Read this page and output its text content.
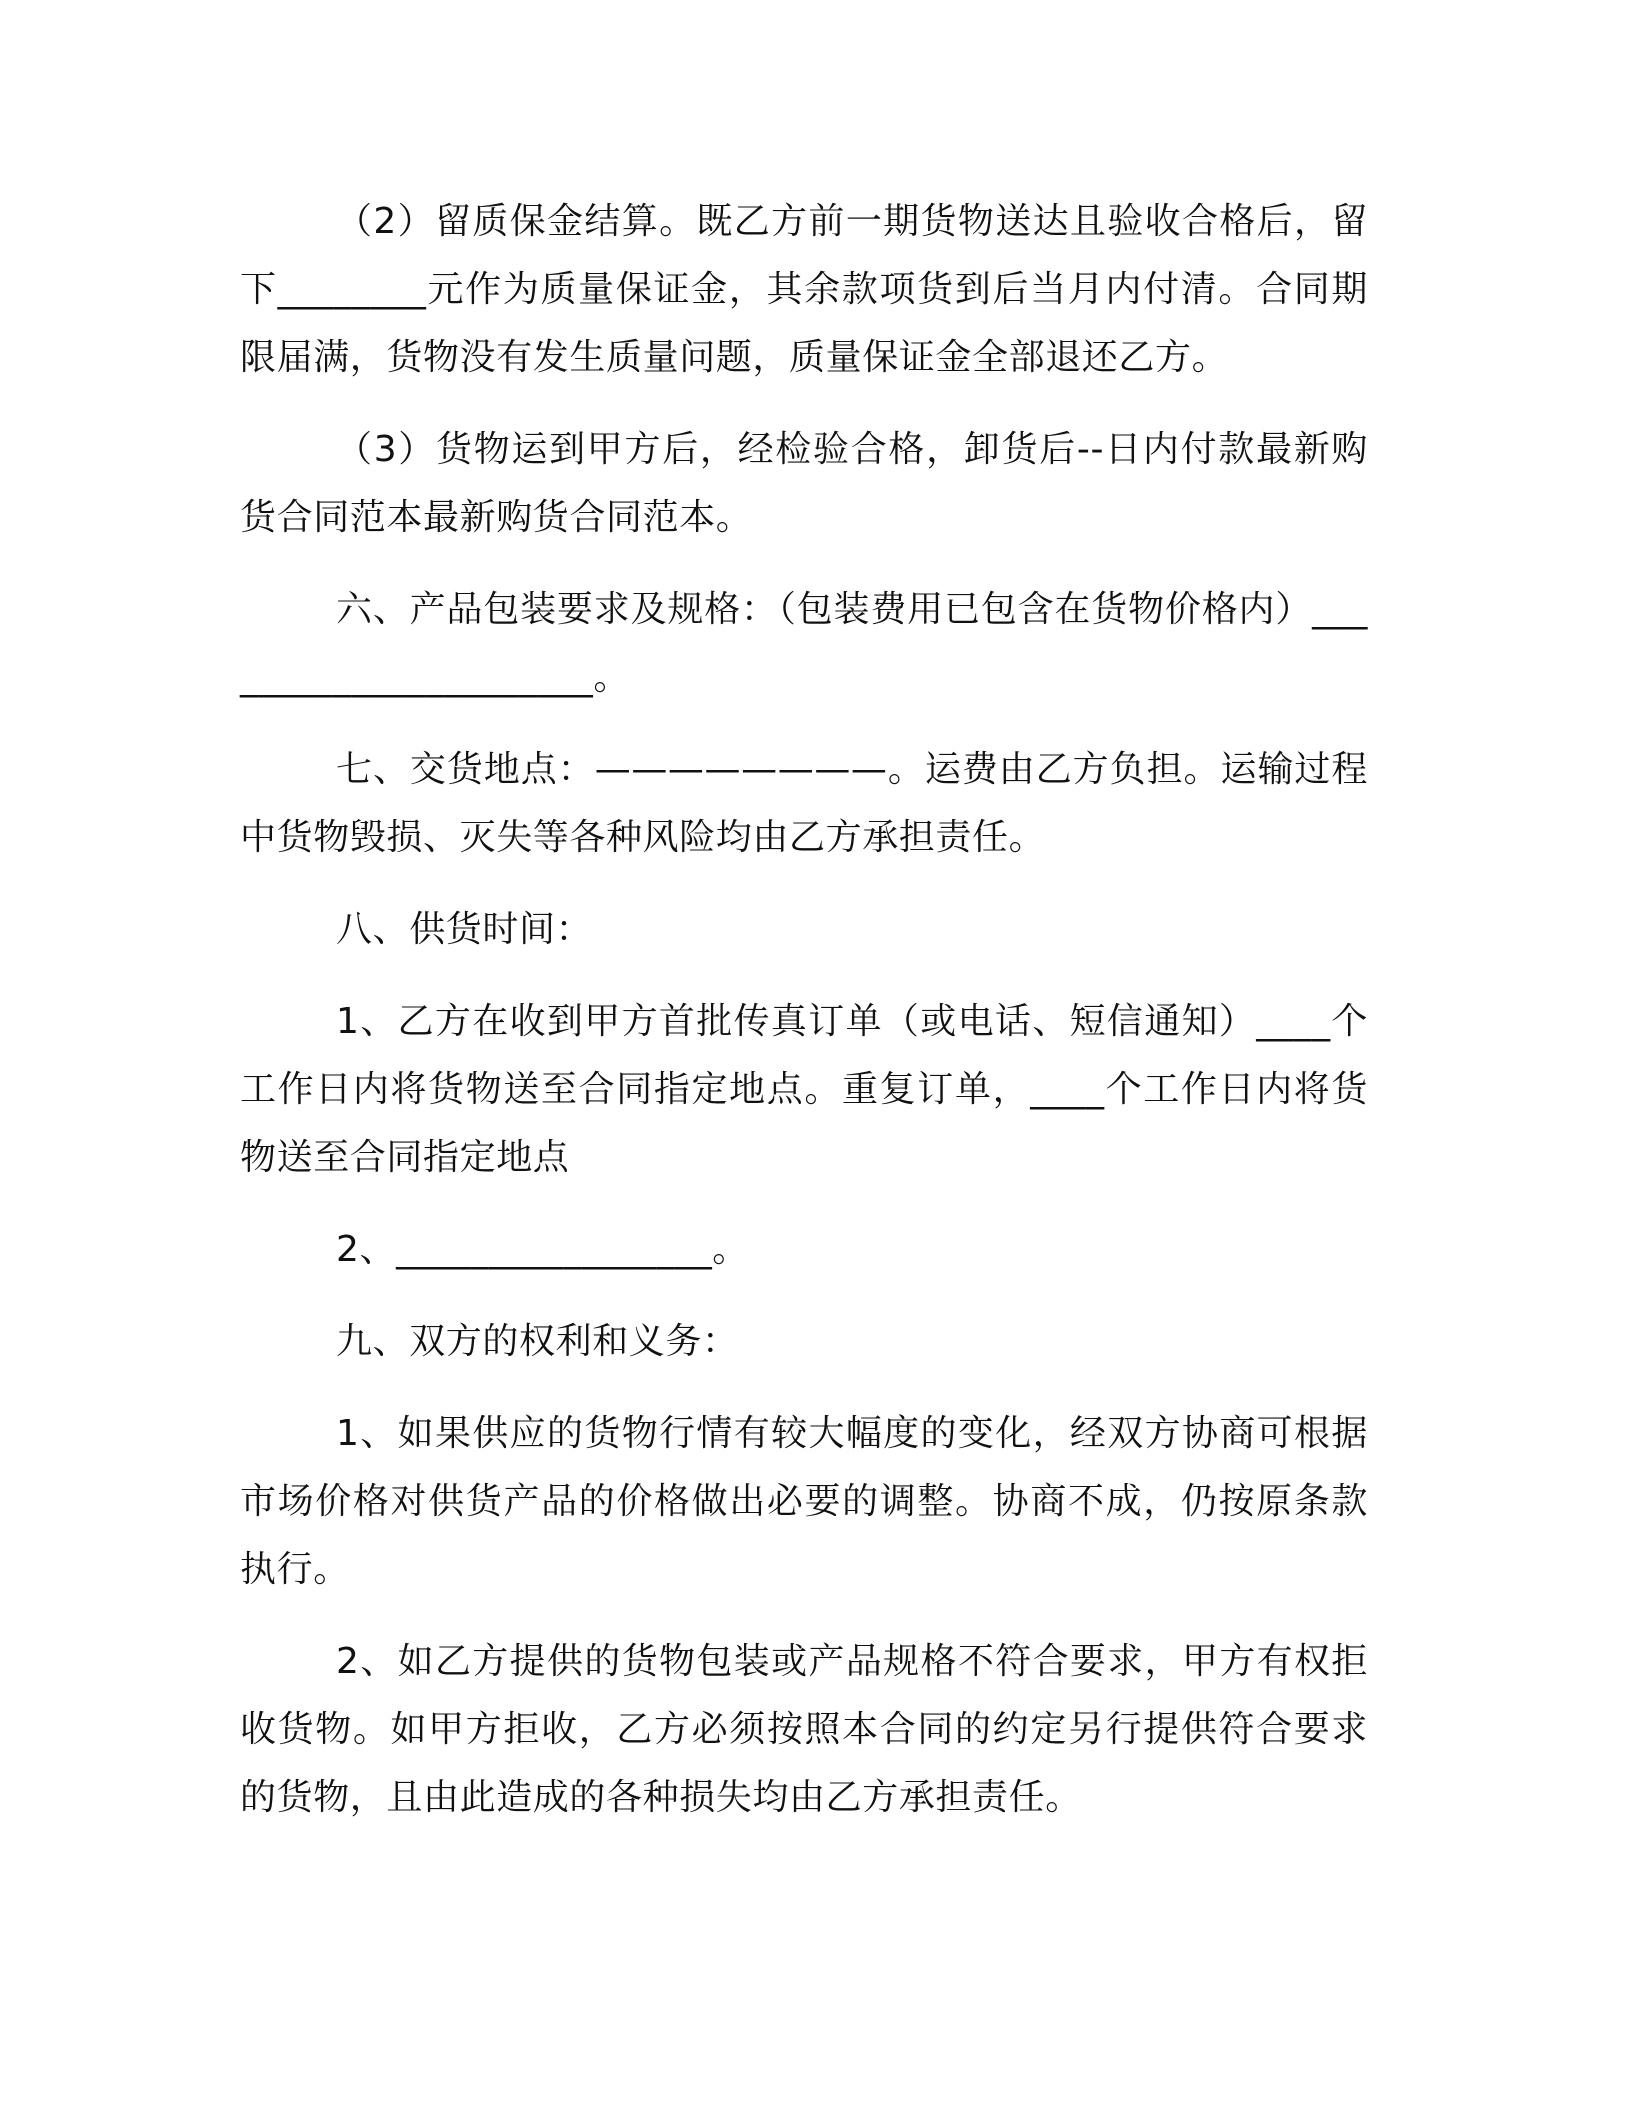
（2）留质保金结算。既乙方前一期货物送达且验收合格后，留下________元作为质量保证金，其余款项货到后当月内付清。合同期限届满，货物没有发生质量问题，质量保证金全部退还乙方。

（3）货物运到甲方后，经检验合格，卸货后--日内付款最新购货合同范本最新购货合同范本。

六、产品包装要求及规格：（包装费用已包含在货物价格内）______________________。

七、交货地点：————————。运费由乙方负担。运输过程中货物毁损、灭失等各种风险均由乙方承担责任。

八、供货时间：

1、乙方在收到甲方首批传真订单（或电话、短信通知）____个工作日内将货物送至合同指定地点。重复订单，____个工作日内将货物送至合同指定地点

2、_________________。

九、双方的权利和义务：

1、如果供应的货物行情有较大幅度的变化，经双方协商可根据市场价格对供货产品的价格做出必要的调整。协商不成，仍按原条款执行。

2、如乙方提供的货物包装或产品规格不符合要求，甲方有权拒收货物。如甲方拒收，乙方必须按照本合同的约定另行提供符合要求的货物，且由此造成的各种损失均由乙方承担责任。
